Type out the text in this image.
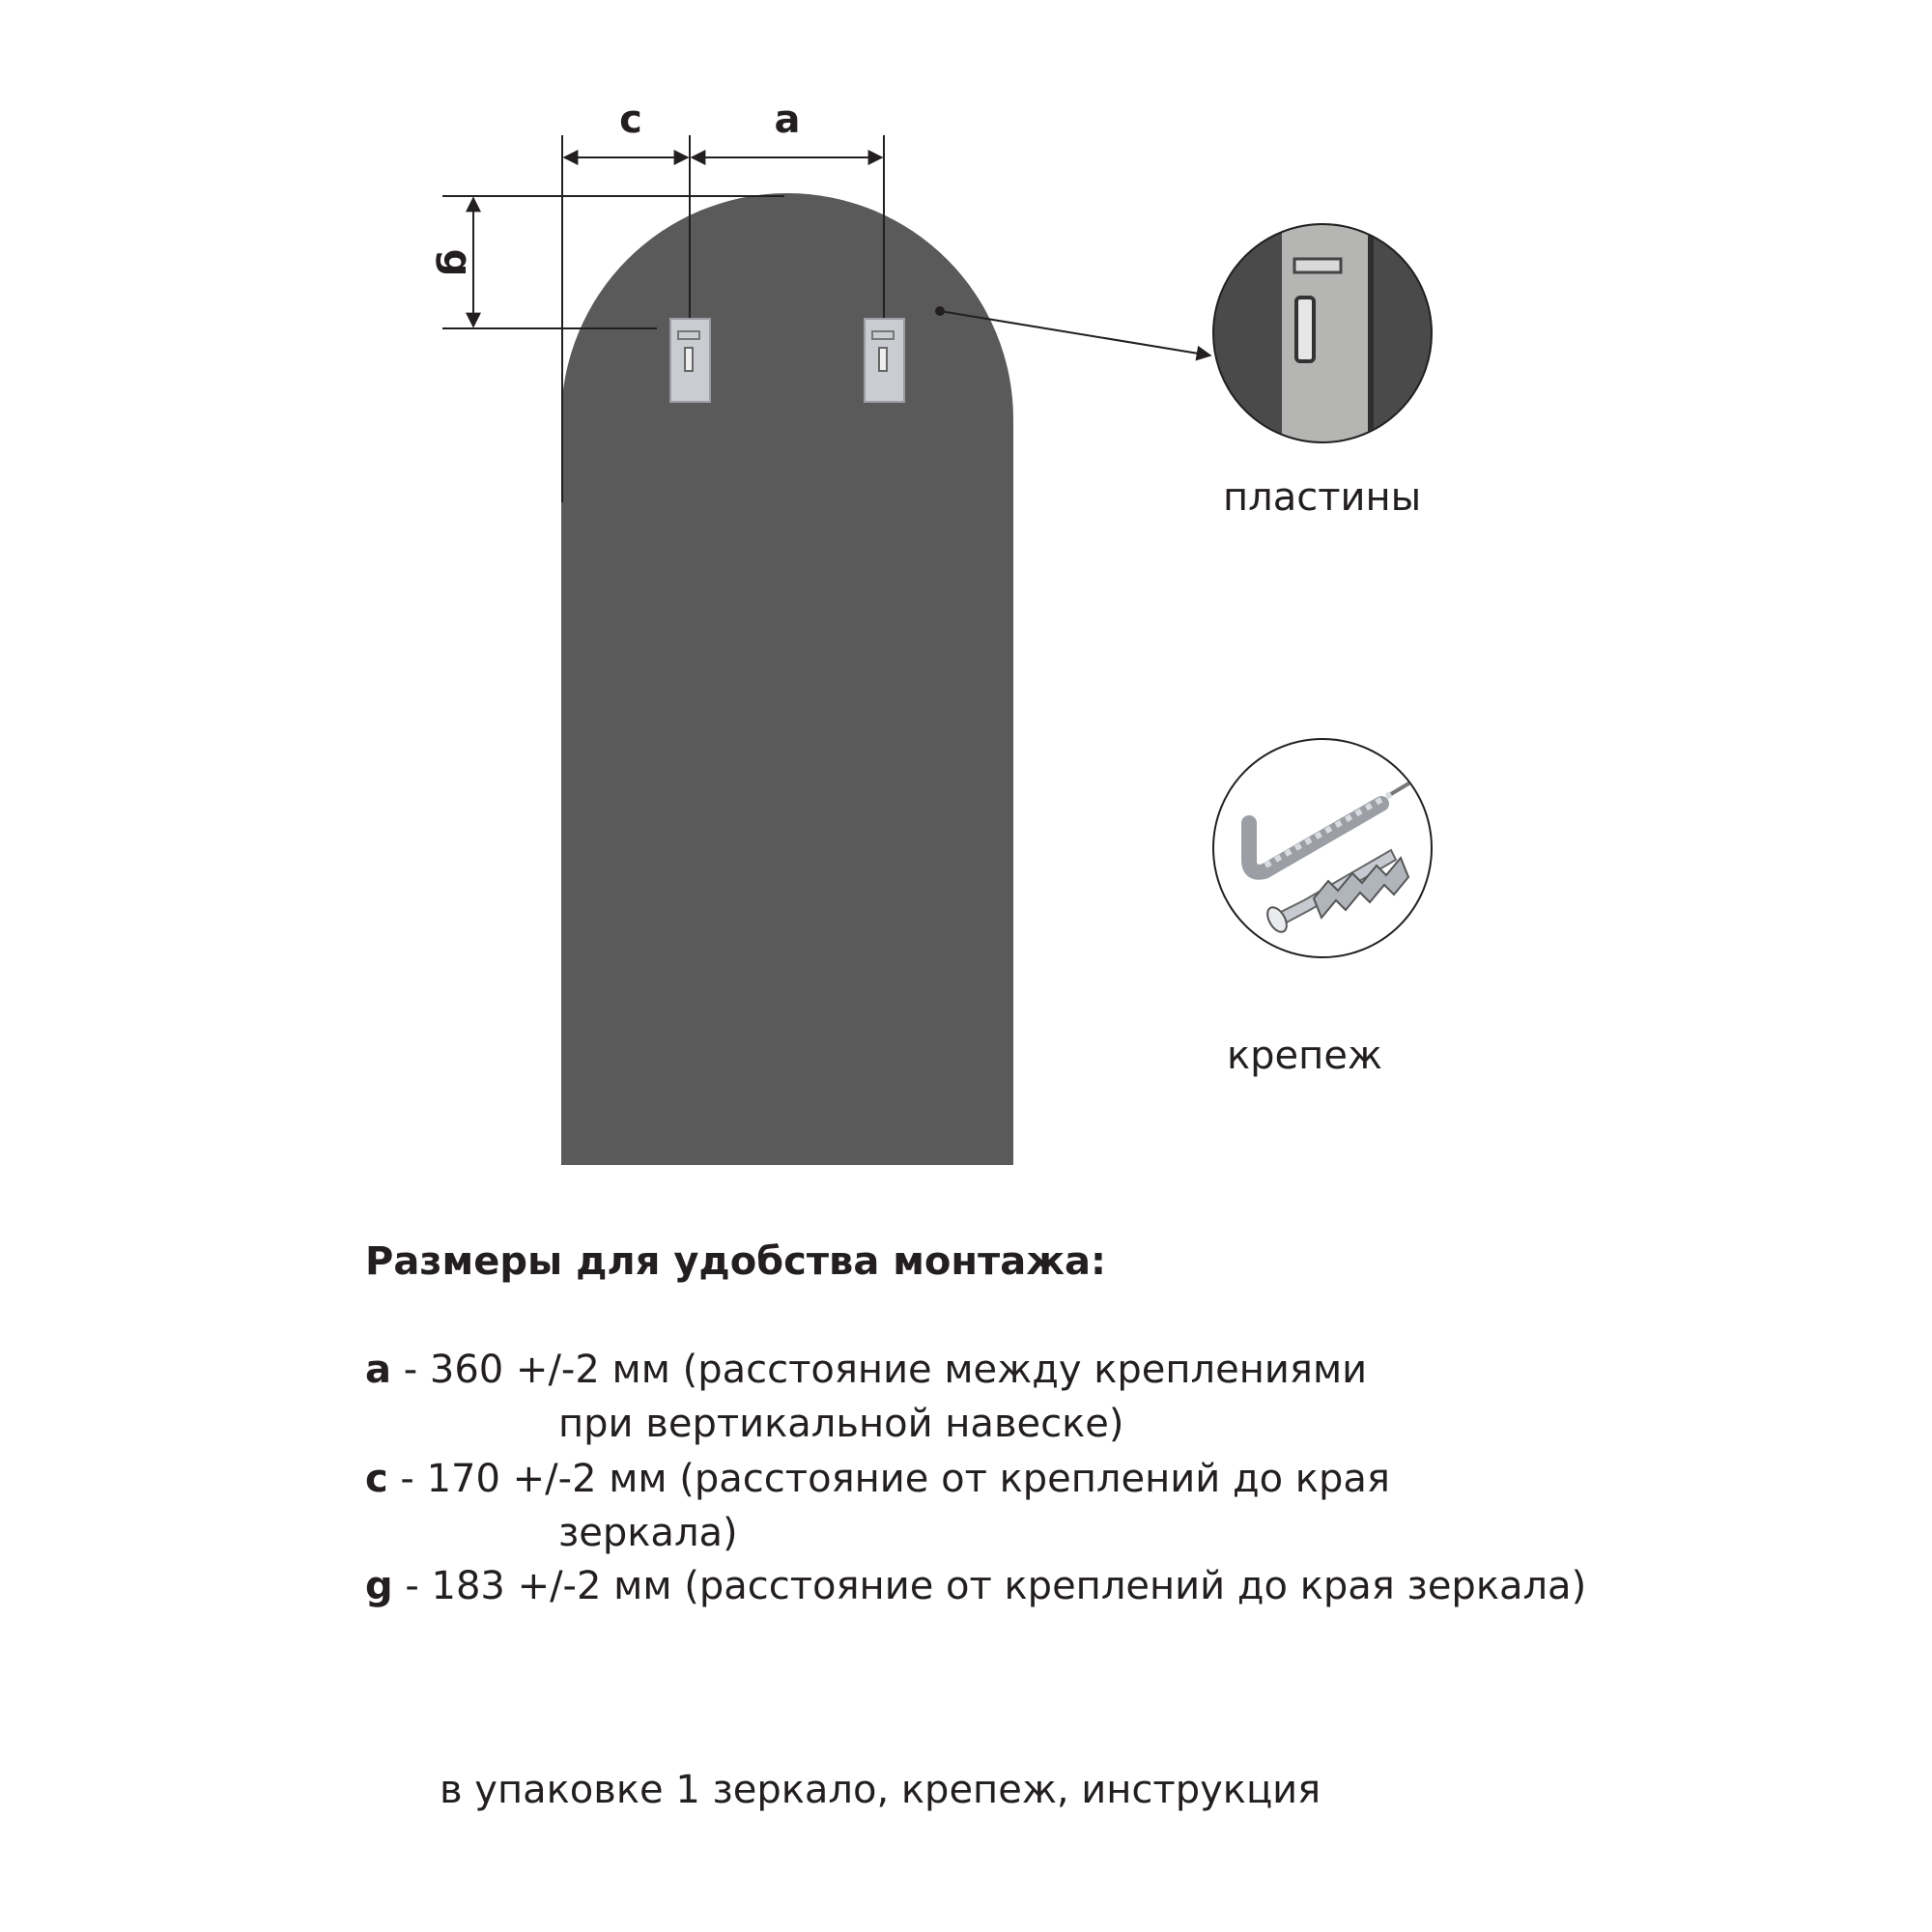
c	a
g
пластины
крепеж
Размеры для удобства монтажа:
a - 360 +/-2 мм (расстояние между креплениями
при вертикальной навеске)
c - 170 +/-2 мм (расстояние от креплений до края
зеркала)
g - 183 +/-2 мм (расстояние от креплений до края зеркала)
в упаковке 1 зеркало, крепеж, инструкция
